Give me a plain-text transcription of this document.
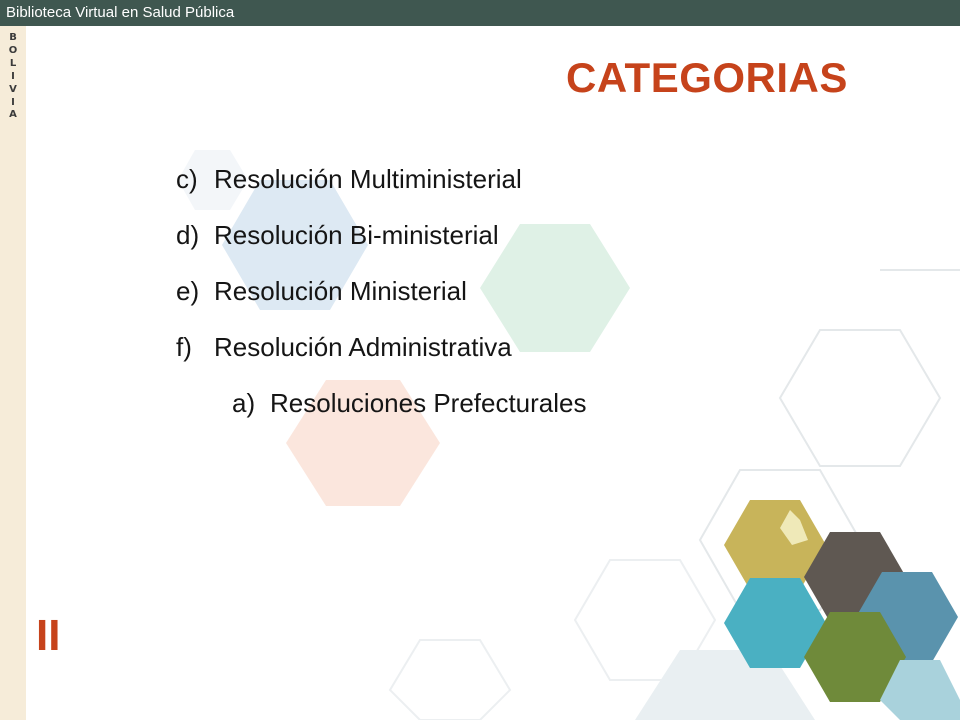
Biblioteca Virtual en Salud Pública
B
O
L
I
V
I
A
II
CATEGORIAS
c) Resolución Multiministerial
d) Resolución Bi-ministerial
e) Resolución Ministerial
f) Resolución Administrativa
a) Resoluciones Prefecturales
